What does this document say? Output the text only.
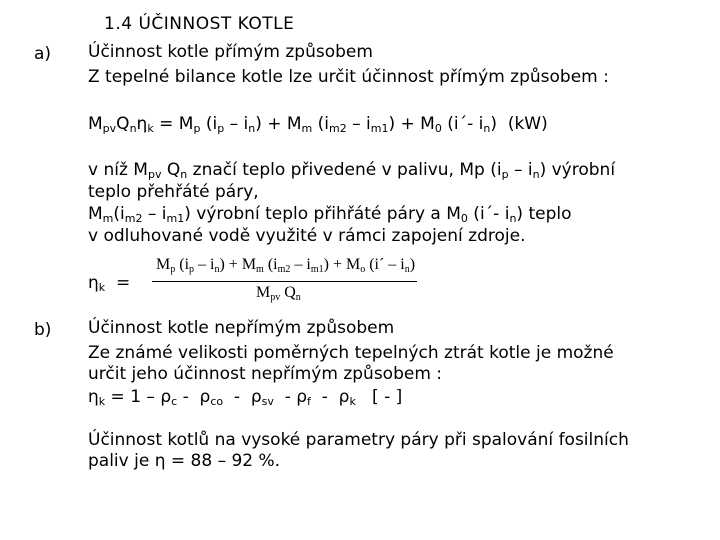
1.4 ÚČINNOST KOTLE
a) Účinnost kotle přímým způsobem
Z tepelné bilance kotle lze určit účinnost přímým způsobem :
$M_{pv}Q_n\eta_k = M_p$ $(i_p - i_n) + M_m$ $(i_{m2} - i_{m1}) + M_0$ (i´- $i_n$)  (kW)
v níž $M_{pv}$ $Q_n$ značí teplo přivedené v palivu, Mp $(i_p - i_n)$ výrobní
teplo přehřáté páry,
$M_m(i_{m2} - i_{m1})$ výrobní teplo přihřáté páry a $M_0$ (i´- $i_n$) teplo
v odluhované vodě využité v rámci zapojení zdroje.
$\eta_k$  =
$M_p$ $(i_p - i_n) + M_m$ $(i_{m2} - i_{m1}) + M_o$ (i´ – $i_n$)
$M_{pv}$ $Q_n$
b) Účinnost kotle nepřímým způsobem
Ze známé velikosti poměrných tepelných ztrát kotle je možné
určit jeho účinnost nepřímým způsobem :
$\eta_k = 1 - \rho_c - \rho_{co} - \rho_{sv} - \rho_f - \rho_k$   [ - ]
Účinnost kotlů na vysoké parametry páry při spalování fosilních
paliv je η = 88 – 92 %.
